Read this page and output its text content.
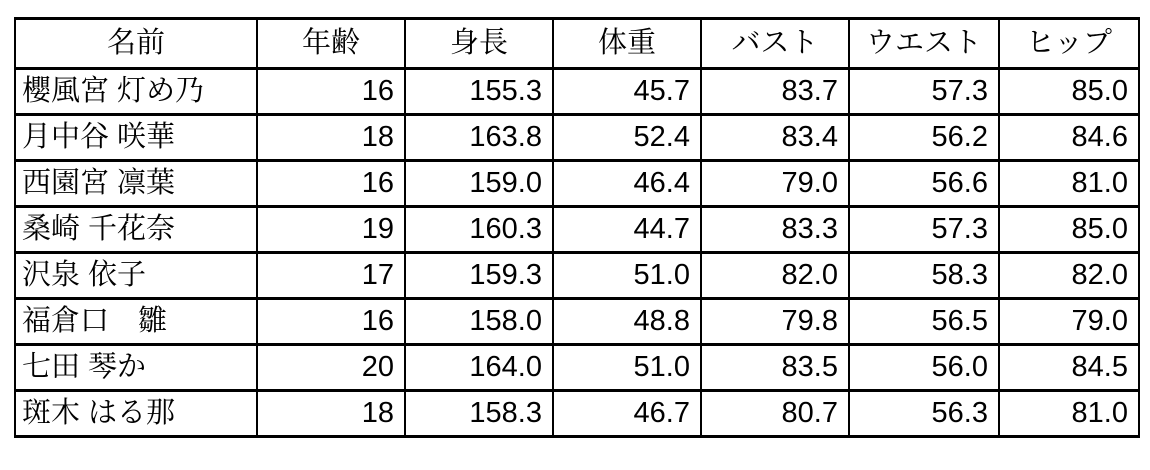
名前	年齢	身長	体重	バスト	ウエスト	ヒップ
櫻風宮 灯め乃	16	155.3	45.7	83.7	57.3	85.0
月中谷 咲華	18	163.8	52.4	83.4	56.2	84.6
西園宮 凛葉	16	159.0	46.4	79.0	56.6	81.0
桑崎 千花奈	19	160.3	44.7	83.3	57.3	85.0
沢泉 依子	17	159.3	51.0	82.0	58.3	82.0
福倉口　雛	16	158.0	48.8	79.8	56.5	79.0
七田 琴か	20	164.0	51.0	83.5	56.0	84.5
斑木 はる那	18	158.3	46.7	80.7	56.3	81.0
